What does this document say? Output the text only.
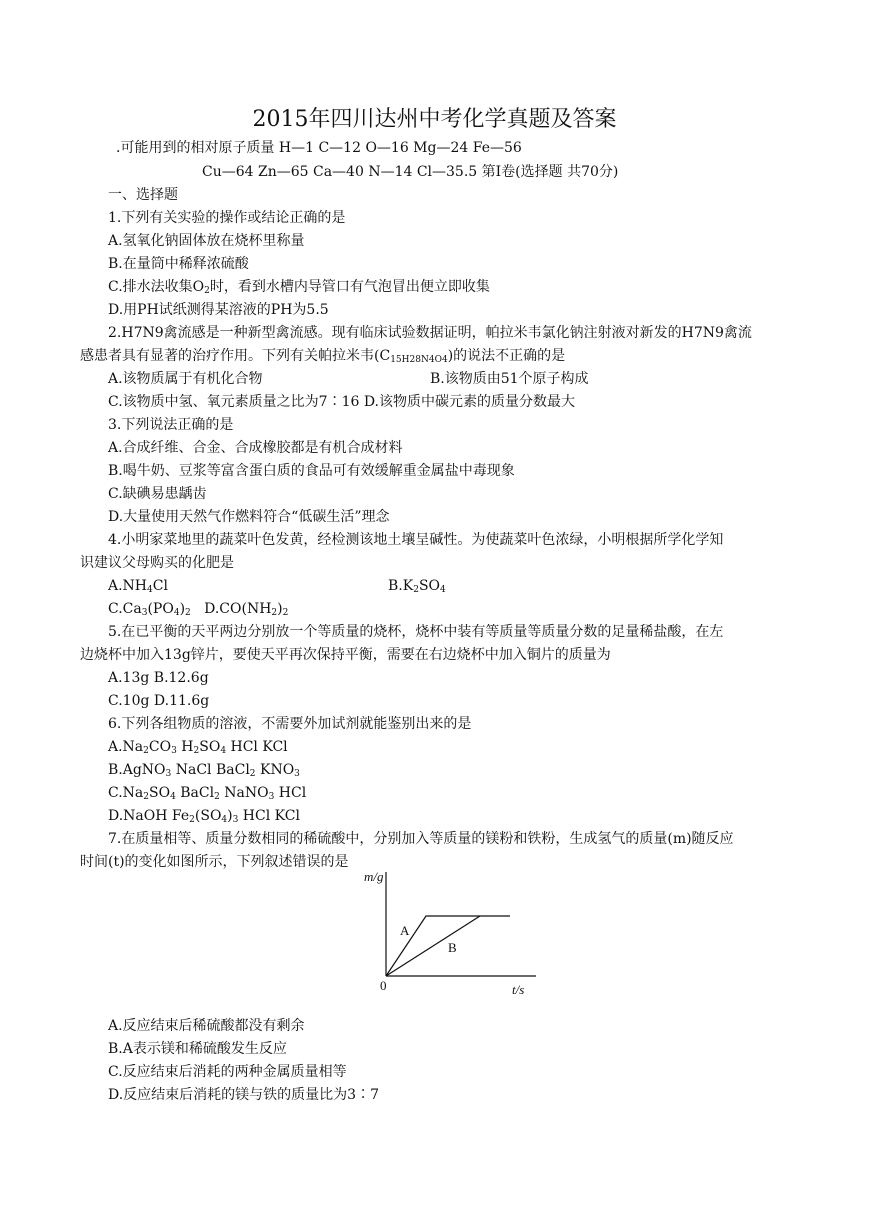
2015年四川达州中考化学真题及答案
.可能用到的相对原子质量 H—1 C—12 O—16 Mg—24 Fe—56
Cu—64 Zn—65 Ca—40 N—14 Cl—35.5 第Ⅰ卷(选择题 共70分)
一、选择题
1.下列有关实验的操作或结论正确的是
A.氢氧化钠固体放在烧杯里称量
B.在量筒中稀释浓硫酸
C.排水法收集$O_2$时，看到水槽内导管口有气泡冒出便立即收集
D.用PH试纸测得某溶液的PH为5.5
2.H7N9禽流感是一种新型禽流感。现有临床试验数据证明，帕拉米韦氯化钠注射液对新发的H7N9禽流
感患者具有显著的治疗作用。下列有关帕拉米韦$(C_{15H28N4O4})$的说法不正确的是
A.该物质属于有机化合物	B.该物质由51个原子构成
C.该物质中氢、氧元素质量之比为7∶16 D.该物质中碳元素的质量分数最大
3.下列说法正确的是
A.合成纤维、合金、合成橡胶都是有机合成材料
B.喝牛奶、豆浆等富含蛋白质的食品可有效缓解重金属盐中毒现象
C.缺碘易患龋齿
D.大量使用天然气作燃料符合“低碳生活”理念
4.小明家菜地里的蔬菜叶色发黄，经检测该地土壤呈碱性。为使蔬菜叶色浓绿，小明根据所学化学知
识建议父母购买的化肥是
$A.NH_4Cl$	$B.K_2SO_4$
$C.Ca_3(PO_4)_2$ $D.CO(NH_2)_2$
5.在已平衡的天平两边分别放一个等质量的烧杯，烧杯中装有等质量等质量分数的足量稀盐酸，在左
边烧杯中加入13g锌片，要使天平再次保持平衡，需要在右边烧杯中加入铜片的质量为
A.13g B.12.6g
C.10g D.11.6g
6.下列各组物质的溶液，不需要外加试剂就能鉴别出来的是
$A.Na_2CO_3$ $H_2SO_4$ HCl KCl
B.AgNO$_3$ NaCl BaCl$_2$ $KNO_3$
$C.Na_2SO_4$ BaCl$_2$ NaNO$_3$ HCl
D.NaOH $Fe_2(SO_4)_3$ HCl KCl
7.在质量相等、质量分数相同的稀硫酸中，分别加入等质量的镁粉和铁粉，生成氢气的质量(m)随反应
时间(t)的变化如图所示，下列叙述错误的是
m/g
t/s
0
A
B
A.反应结束后稀硫酸都没有剩余
B.A表示镁和稀硫酸发生反应
C.反应结束后消耗的两种金属质量相等
D.反应结束后消耗的镁与铁的质量比为3∶7
